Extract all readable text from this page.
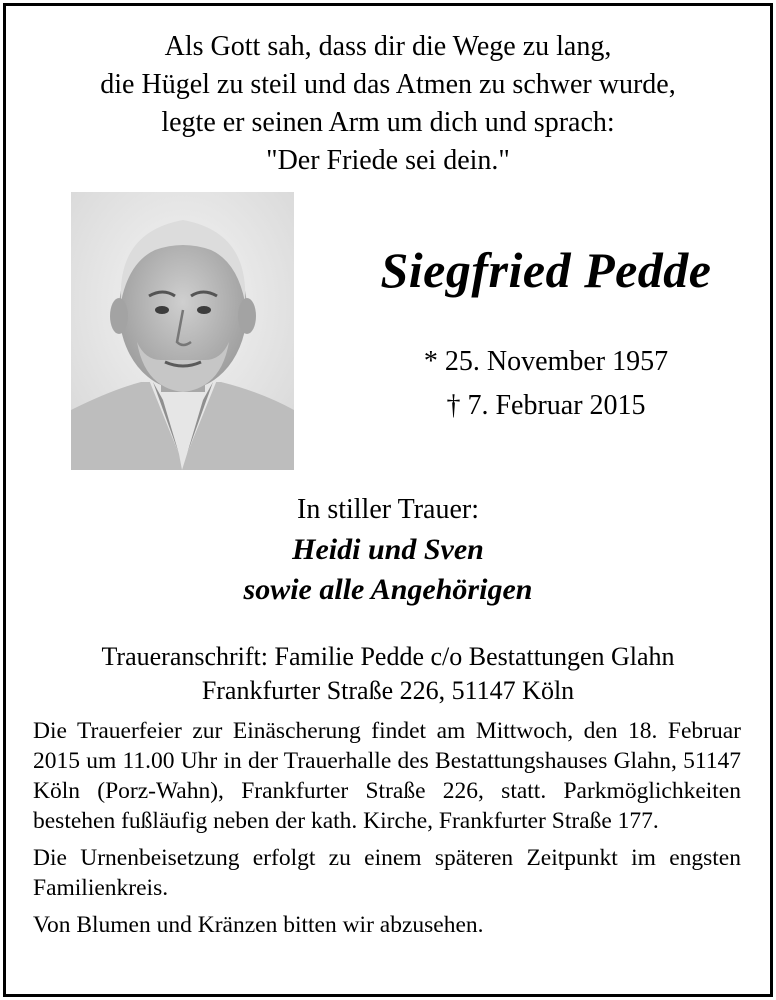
Als Gott sah, dass dir die Wege zu lang,
die Hügel zu steil und das Atmen zu schwer wurde,
legte er seinen Arm um dich und sprach:
"Der Friede sei dein."
Siegfried Pedde
* 25. November 1957
† 7. Februar 2015
In stiller Trauer:
Heidi und Sven
sowie alle Angehörigen
Traueranschrift: Familie Pedde c/o Bestattungen Glahn
Frankfurter Straße 226, 51147 Köln

Die Trauerfeier zur Einäscherung findet am Mittwoch, den 18. Februar 2015 um 11.00 Uhr in der Trauerhalle des Bestattungshauses Glahn, 51147 Köln (Porz-Wahn), Frankfurter Straße 226, statt. Parkmöglichkeiten bestehen fußläufig neben der kath. Kirche, Frankfurter Straße 177.

Die Urnenbeisetzung erfolgt zu einem späteren Zeitpunkt im engsten Familienkreis.

Von Blumen und Kränzen bitten wir abzusehen.
